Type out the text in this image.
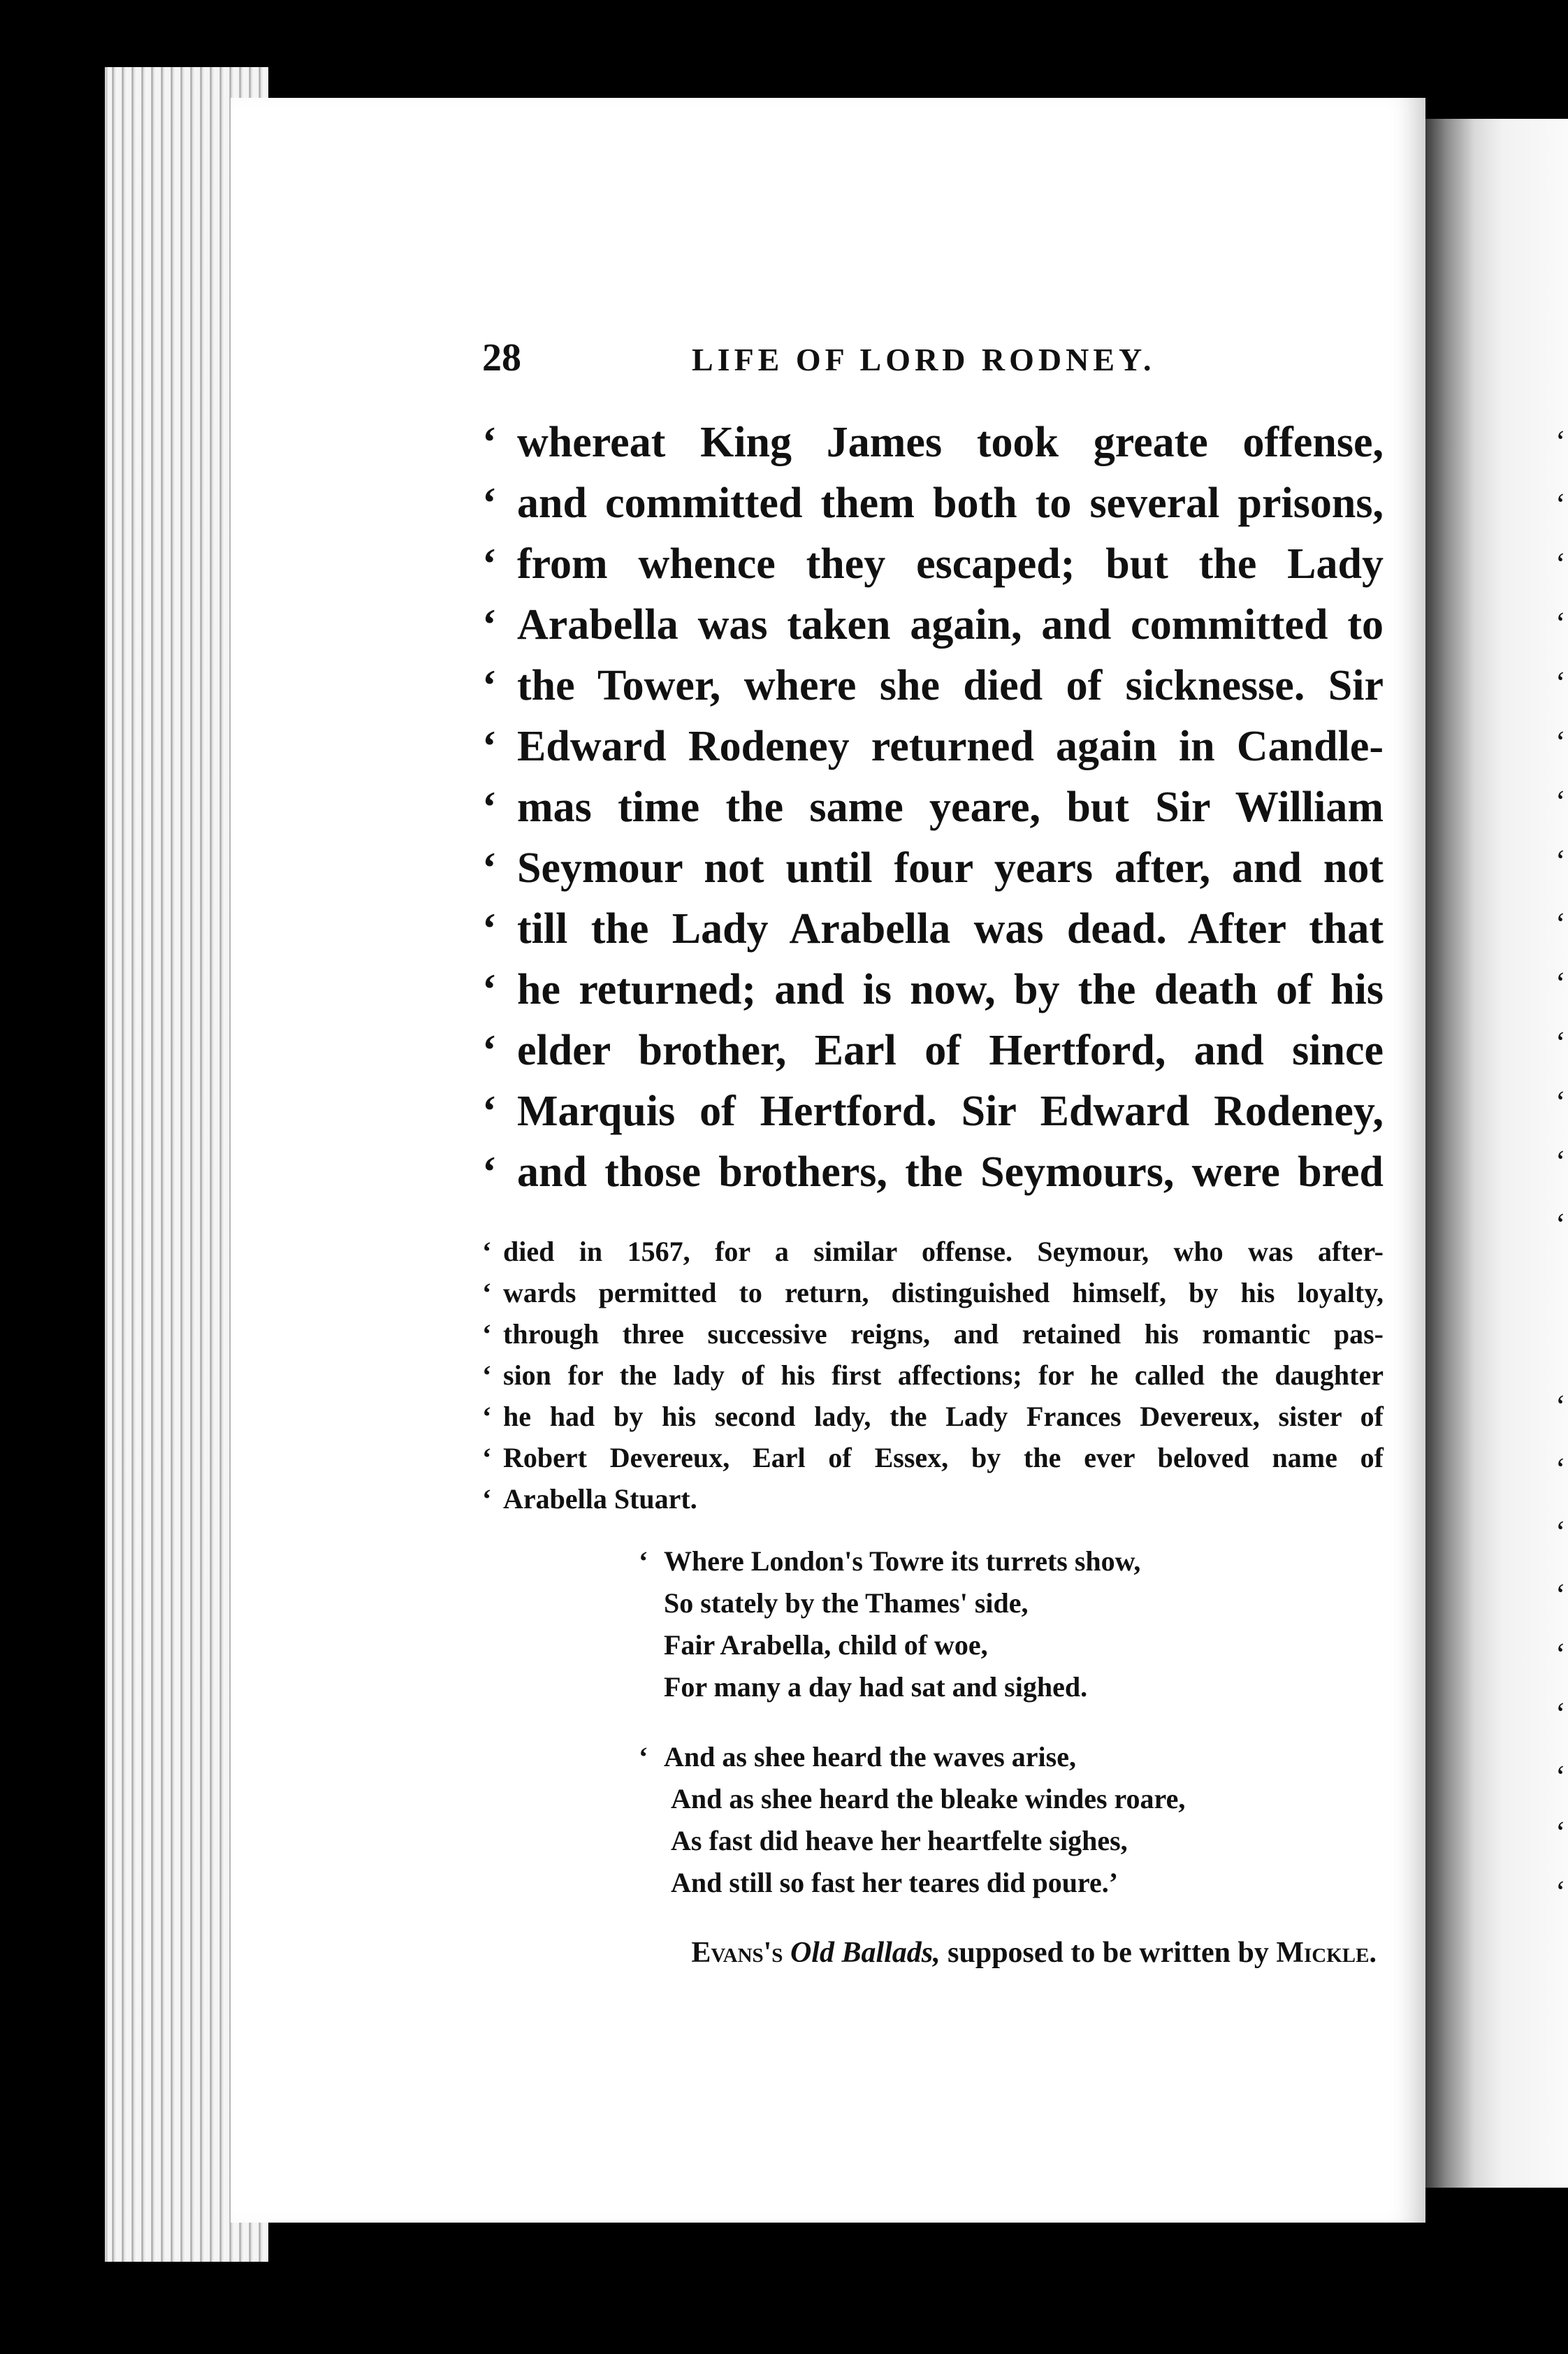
‘
‘
‘
‘
‘
‘
‘
‘
‘
‘
‘
‘
‘
‘
‘
‘
‘
‘
‘
‘
‘
‘
‘
28	LIFE OF LORD RODNEY.
‘ whereat King James took greate offense,
‘ and committed them both to several prisons,
‘ from whence they escaped; but the Lady
‘ Arabella was taken again, and committed to
‘ the Tower, where she died of sicknesse. Sir
‘ Edward Rodeney returned again in Candle-
‘ mas time the same yeare, but Sir William
‘ Seymour not until four years after, and not
‘ till the Lady Arabella was dead. After that
‘ he returned; and is now, by the death of his
‘ elder brother, Earl of Hertford, and since
‘ Marquis of Hertford. Sir Edward Rodeney,
‘ and those brothers, the Seymours, were bred
‘ died in 1567, for a similar offense. Seymour, who was after-
‘ wards permitted to return, distinguished himself, by his loyalty,
‘ through three successive reigns, and retained his romantic pas-
‘ sion for the lady of his first affections; for he called the daughter
‘ he had by his second lady, the Lady Frances Devereux, sister of
‘ Robert Devereux, Earl of Essex, by the ever beloved name of
‘ Arabella Stuart.
‘ Where London's Towre its turrets show,
So stately by the Thames' side,
Fair Arabella, child of woe,
For many a day had sat and sighed.
‘ And as shee heard the waves arise,
And as shee heard the bleake windes roare,
As fast did heave her heartfelte sighes,
And still so fast her teares did poure.’
Evans's Old Ballads, supposed to be written by Mickle.
